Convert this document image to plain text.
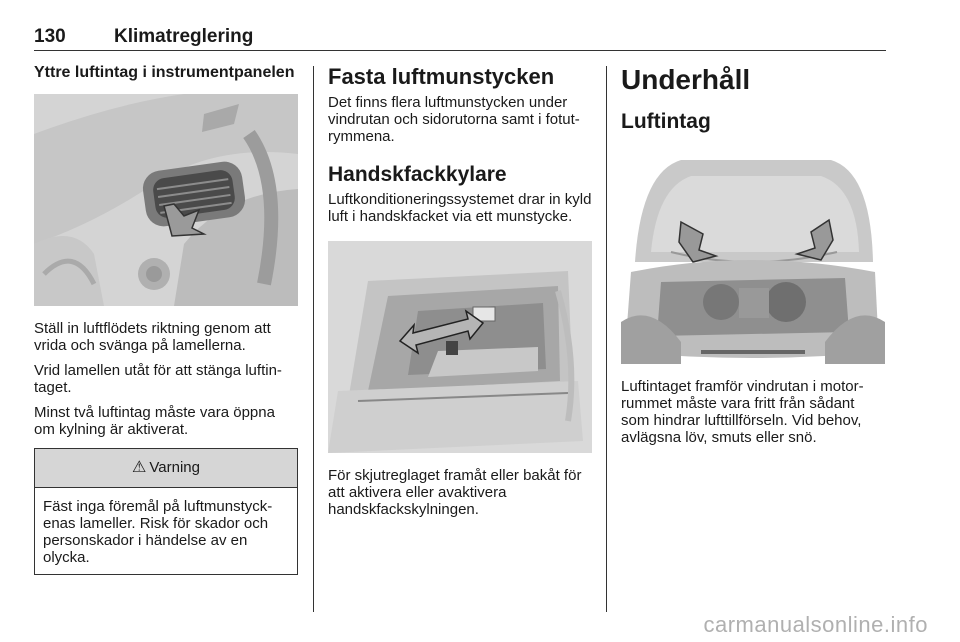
130	Klimatreglering
Yttre luftintag i instrumentpanelen

Ställ in luftflödets riktning genom att vrida och svänga på lamellerna.

Vrid lamellen utåt för att stänga luftin-taget.

Minst två luftintag måste vara öppna om kylning är aktiverat.

⚠ Varning

Fäst inga föremål på luftmunstyck-enas lameller. Risk för skador och personskador i händelse av en olycka.

Fasta luftmunstycken

Det finns flera luftmunstycken under vindrutan och sidorutorna samt i fotut-rymmena.

Handskfackkylare

Luftkonditioneringssystemet drar in kyld luft i handskfacket via ett munstycke.

För skjutreglaget framåt eller bakåt för att aktivera eller avaktivera handskfackskylningen.

Underhåll
Luftintag

Luftintaget framför vindrutan i motor-rummet måste vara fritt från sådant som hindrar lufttillförseln. Vid behov, avlägsna löv, smuts eller snö.

carmanualsonline.info
